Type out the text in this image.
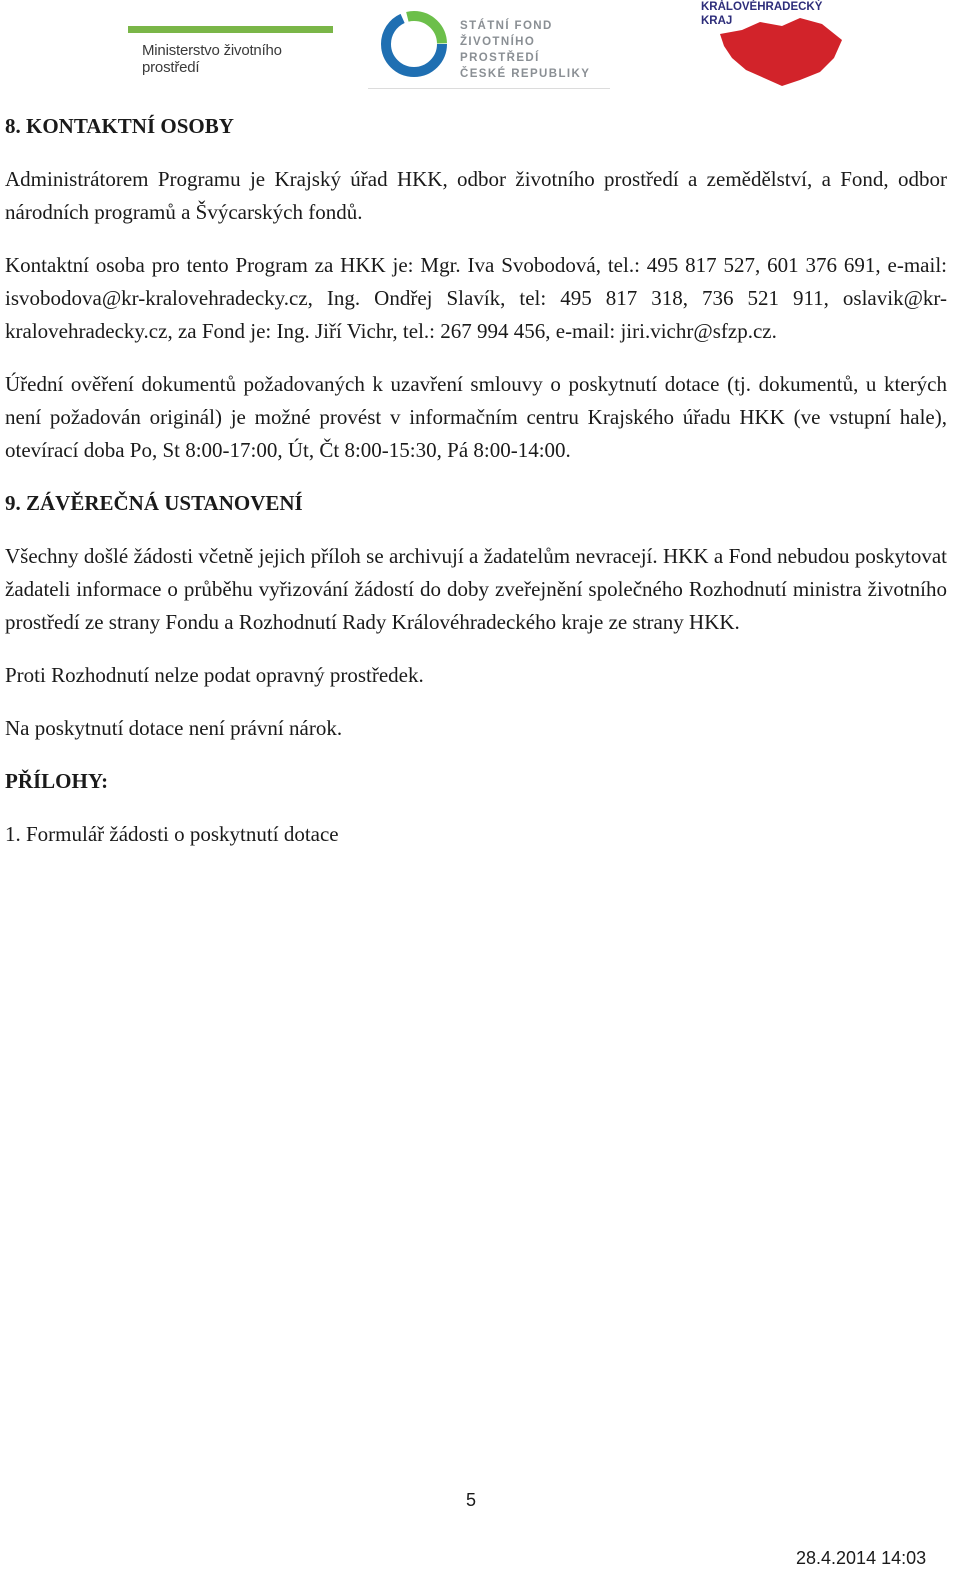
Ministerstvo životního prostředí
STÁTNÍ FOND
ŽIVOTNÍHO PROSTŘEDÍ
ČESKÉ REPUBLIKY
KRÁLOVÉHRADECKÝ
KRAJ
8. KONTAKTNÍ OSOBY

Administrátorem Programu je Krajský úřad HKK, odbor životního prostředí a zemědělství, a Fond, odbor národních programů a Švýcarských fondů.

Kontaktní osoba pro tento Program za HKK je: Mgr. Iva Svobodová, tel.: 495 817 527, 601 376 691, e-mail: isvobodova@kr-kralovehradecky.cz, Ing. Ondřej Slavík, tel: 495 817 318, 736 521 911, oslavik@kr-kralovehradecky.cz, za Fond je: Ing. Jiří Vichr, tel.: 267 994 456, e-mail: jiri.vichr@sfzp.cz.

Úřední ověření dokumentů požadovaných k uzavření smlouvy o poskytnutí dotace (tj. dokumentů, u kterých není požadován originál) je možné provést v informačním centru Krajského úřadu HKK (ve vstupní hale), otevírací doba Po, St 8:00-17:00, Út, Čt 8:00-15:30, Pá 8:00-14:00.

9. ZÁVĚREČNÁ USTANOVENÍ

Všechny došlé žádosti včetně jejich příloh se archivují a žadatelům nevracejí. HKK a Fond nebudou poskytovat žadateli informace o průběhu vyřizování žádostí do doby zveřejnění společného Rozhodnutí ministra životního prostředí ze strany Fondu a Rozhodnutí Rady Královéhradeckého kraje ze strany HKK.

Proti Rozhodnutí nelze podat opravný prostředek.

Na poskytnutí dotace není právní nárok.

PŘÍLOHY:

1. Formulář žádosti o poskytnutí dotace

5
28.4.2014 14:03
